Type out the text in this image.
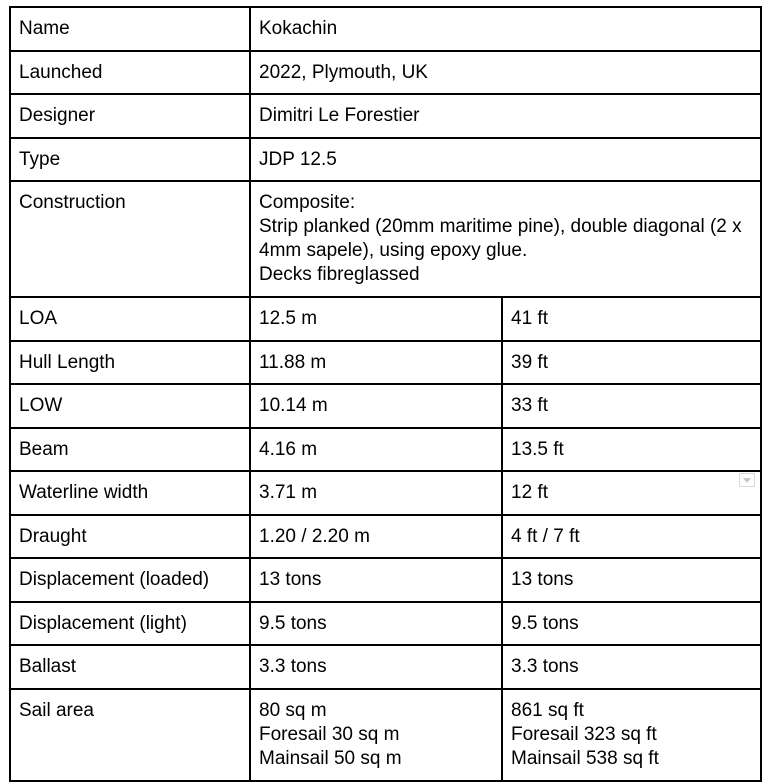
Name	Kokachin	
Launched	2022, Plymouth, UK	
Designer	Dimitri Le Forestier	
Type	JDP 12.5	
Construction	Composite:
Strip planked (20mm maritime pine), double diagonal (2 x 4mm sapele), using epoxy glue.
Decks fibreglassed	
LOA	12.5 m	41 ft
Hull Length	11.88 m	39 ft
LOW	10.14 m	33 ft
Beam	4.16 m	13.5 ft
Waterline width	3.71 m	12 ft
Draught	1.20 / 2.20 m	4 ft / 7 ft
Displacement (loaded)	13 tons	13 tons
Displacement (light)	9.5 tons	9.5 tons
Ballast	3.3 tons	3.3 tons
Sail area	80 sq m
Foresail 30 sq m
Mainsail 50 sq m	861 sq ft
Foresail 323 sq ft
Mainsail 538 sq ft
